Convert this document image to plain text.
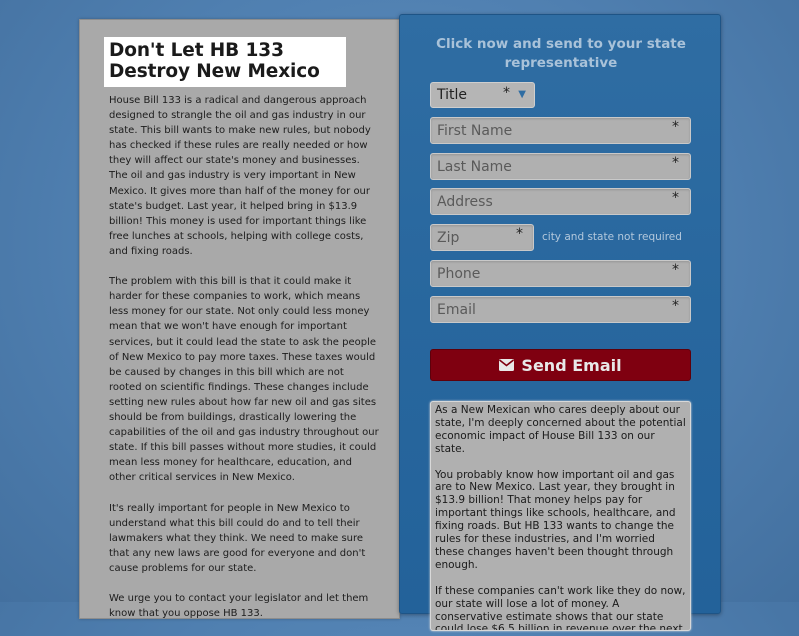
Don't Let HB 133 Destroy New Mexico

House Bill 133 is a radical and dangerous approach designed to strangle the oil and gas industry in our state. This bill wants to make new rules, but nobody has checked if these rules are really needed or how they will affect our state's money and businesses. The oil and gas industry is very important in New Mexico. It gives more than half of the money for our state's budget. Last year, it helped bring in $13.9 billion! This money is used for important things like free lunches at schools, helping with college costs, and fixing roads.

The problem with this bill is that it could make it harder for these companies to work, which means less money for our state. Not only could less money mean that we won't have enough for important services, but it could lead the state to ask the people of New Mexico to pay more taxes. These taxes would be caused by changes in this bill which are not rooted on scientific findings. These changes include setting new rules about how far new oil and gas sites should be from buildings, drastically lowering the capabilities of the oil and gas industry throughout our state. If this bill passes without more studies, it could mean less money for healthcare, education, and other critical services in New Mexico.

It's really important for people in New Mexico to understand what this bill could do and to tell their lawmakers what they think. We need to make sure that any new laws are good for everyone and don't cause problems for our state.

We urge you to contact your legislator and let them know that you oppose HB 133.

Click now and send to your state representative
Title	* ▼
First Name
*
Last Name
*
Address
*
Zip
* city and state not required
Phone
*
Email
*
Send Email
As a New Mexican who cares deeply about our state, I'm deeply concerned about the potential economic impact of House Bill 133 on our state. You probably know how important oil and gas are to New Mexico. Last year, they brought in $13.9 billion! That money helps pay for important things like schools, healthcare, and fixing roads. But HB 133 wants to change the rules for these industries, and I'm worried these changes haven't been thought through enough. If these companies can't work like they do now, our state will lose a lot of money. A conservative estimate shows that our state could lose $6.5 billion in revenue over the next few years. This
